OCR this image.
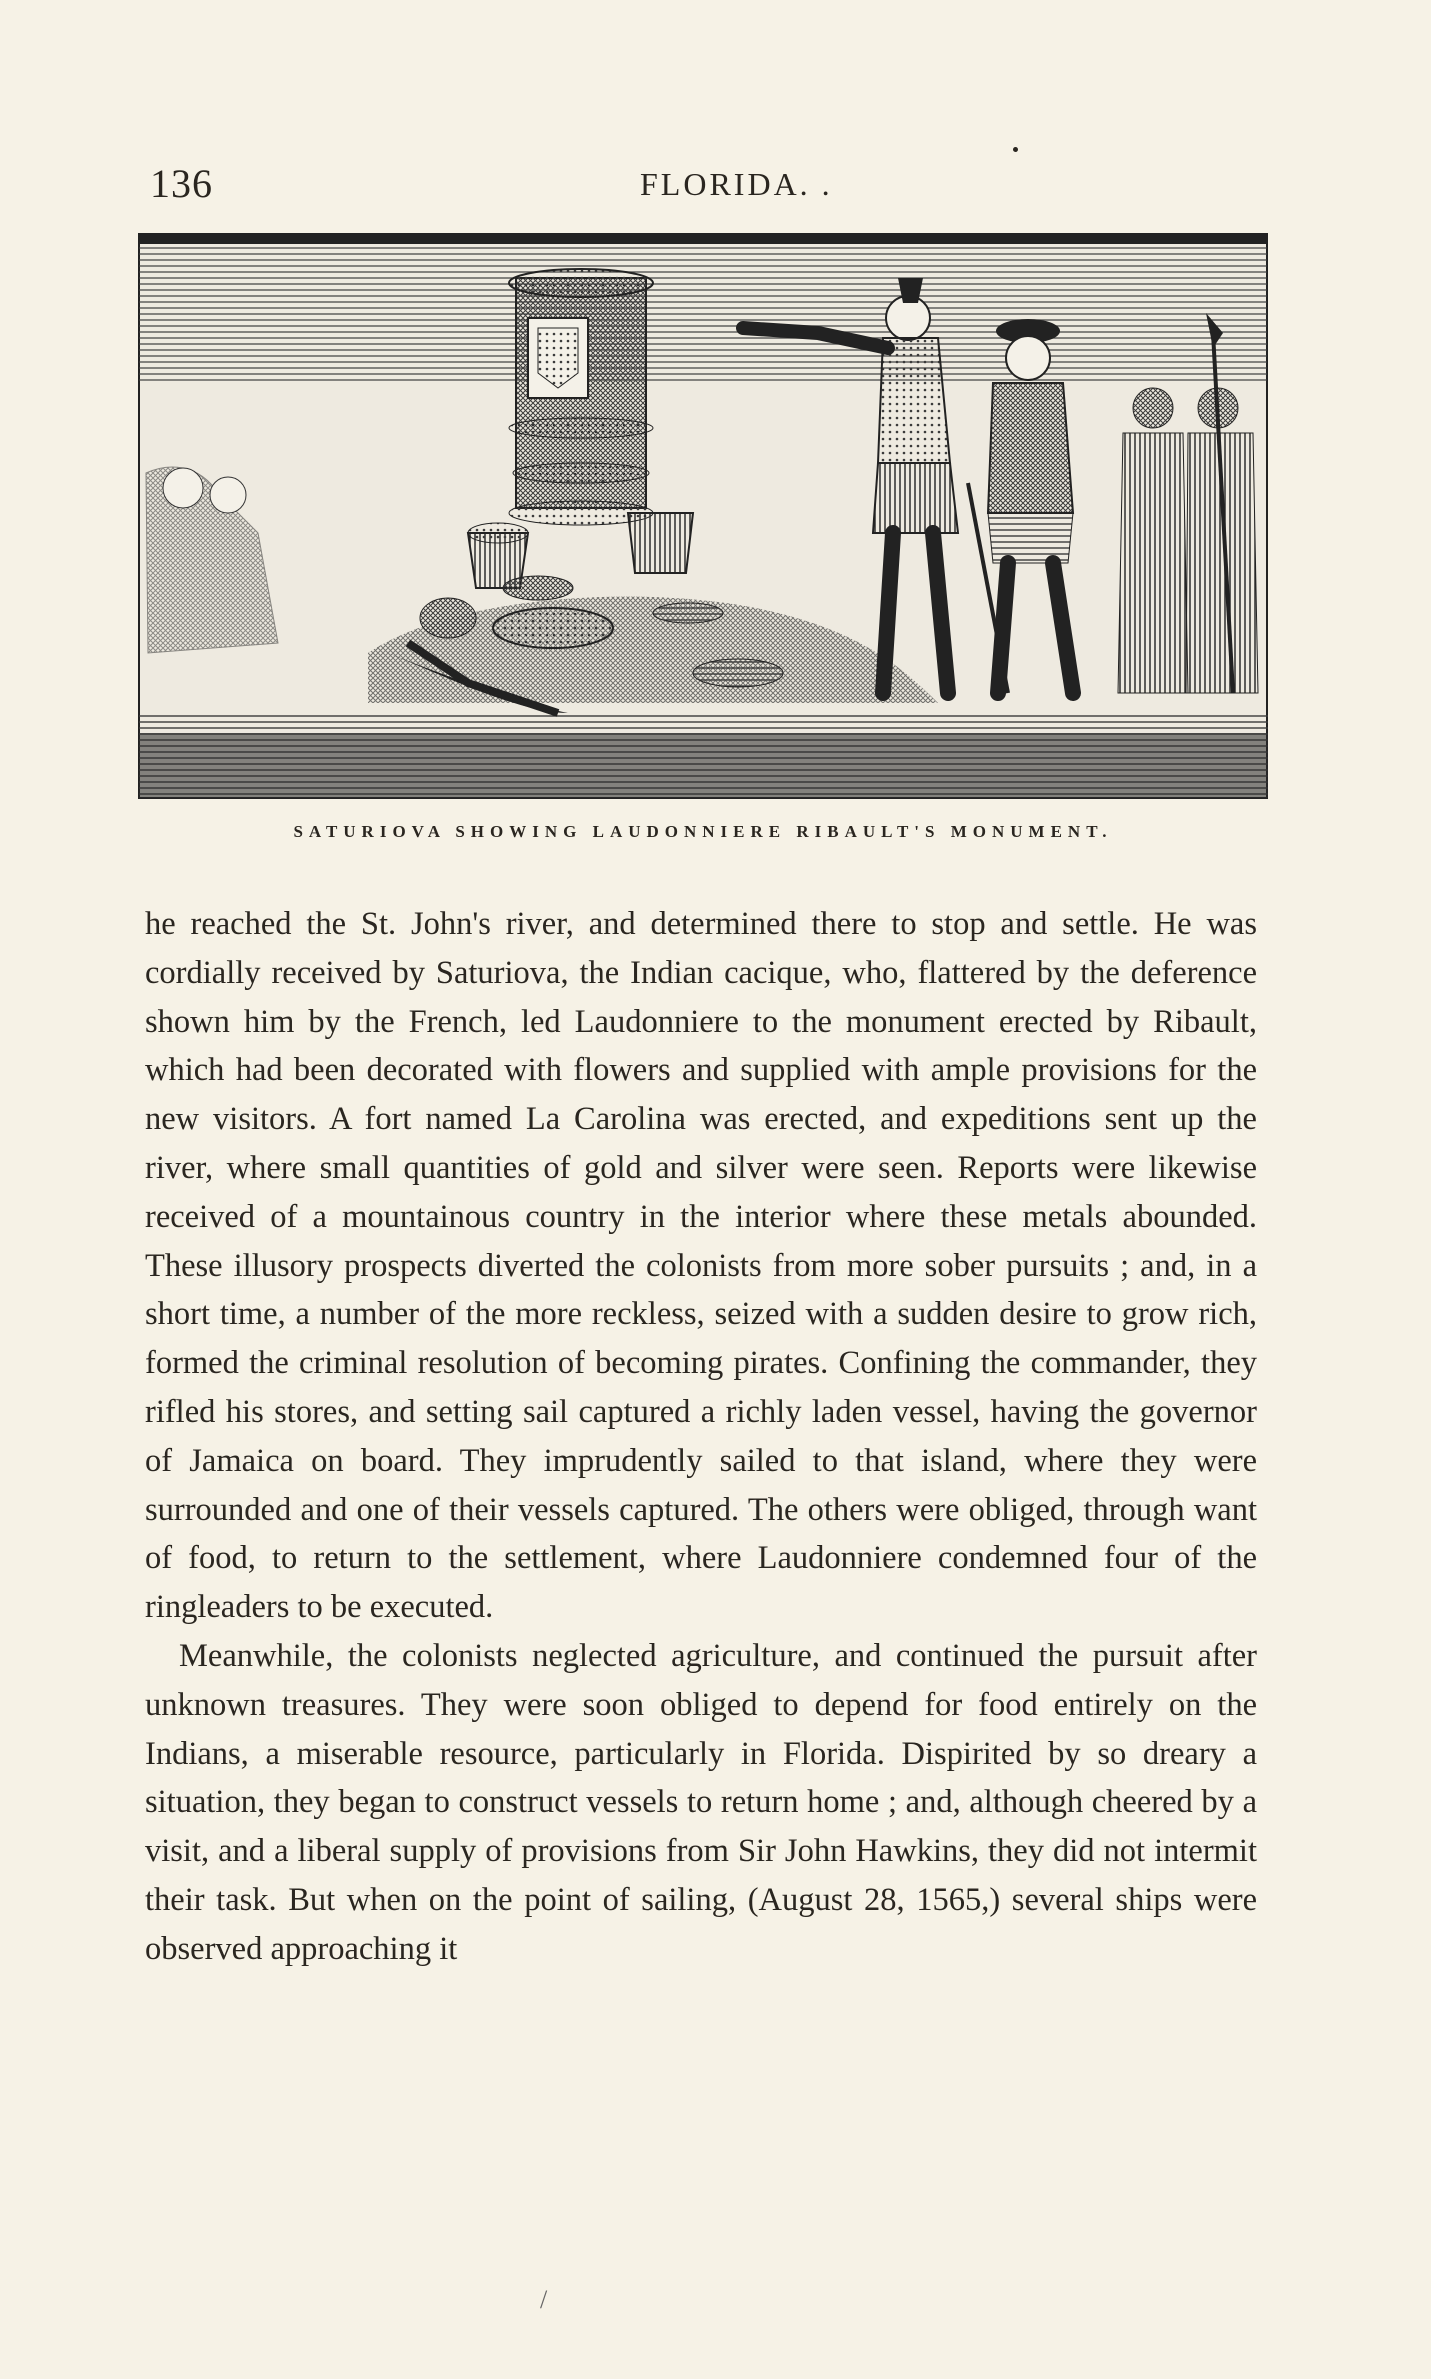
136	FLORIDA. .
SATURIOVA SHOWING LAUDONNIERE RIBAULT'S MONUMENT.

he reached the St. John's river, and determined there to stop and settle. He was cordially received by Saturiova, the Indian cacique, who, flattered by the deference shown him by the French, led Laudonniere to the monument erected by Ribault, which had been decorated with flowers and supplied with ample provisions for the new visitors. A fort named La Carolina was erected, and expeditions sent up the river, where small quantities of gold and silver were seen. Reports were likewise received of a mountainous country in the interior where these metals abounded. These illusory prospects diverted the colonists from more sober pursuits ; and, in a short time, a number of the more reckless, seized with a sudden desire to grow rich, formed the criminal resolution of becoming pirates. Confining the commander, they rifled his stores, and setting sail captured a richly laden vessel, having the governor of Jamaica on board. They imprudently sailed to that island, where they were surrounded and one of their vessels captured. The others were obliged, through want of food, to return to the settlement, where Laudonniere condemned four of the ringleaders to be executed.

Meanwhile, the colonists neglected agriculture, and continued the pursuit after unknown treasures. They were soon obliged to depend for food entirely on the Indians, a miserable resource, particularly in Florida. Dispirited by so dreary a situation, they began to construct vessels to return home ; and, although cheered by a visit, and a liberal supply of provisions from Sir John Hawkins, they did not intermit their task. But when on the point of sailing, (August 28, 1565,) several ships were observed approaching it

/
